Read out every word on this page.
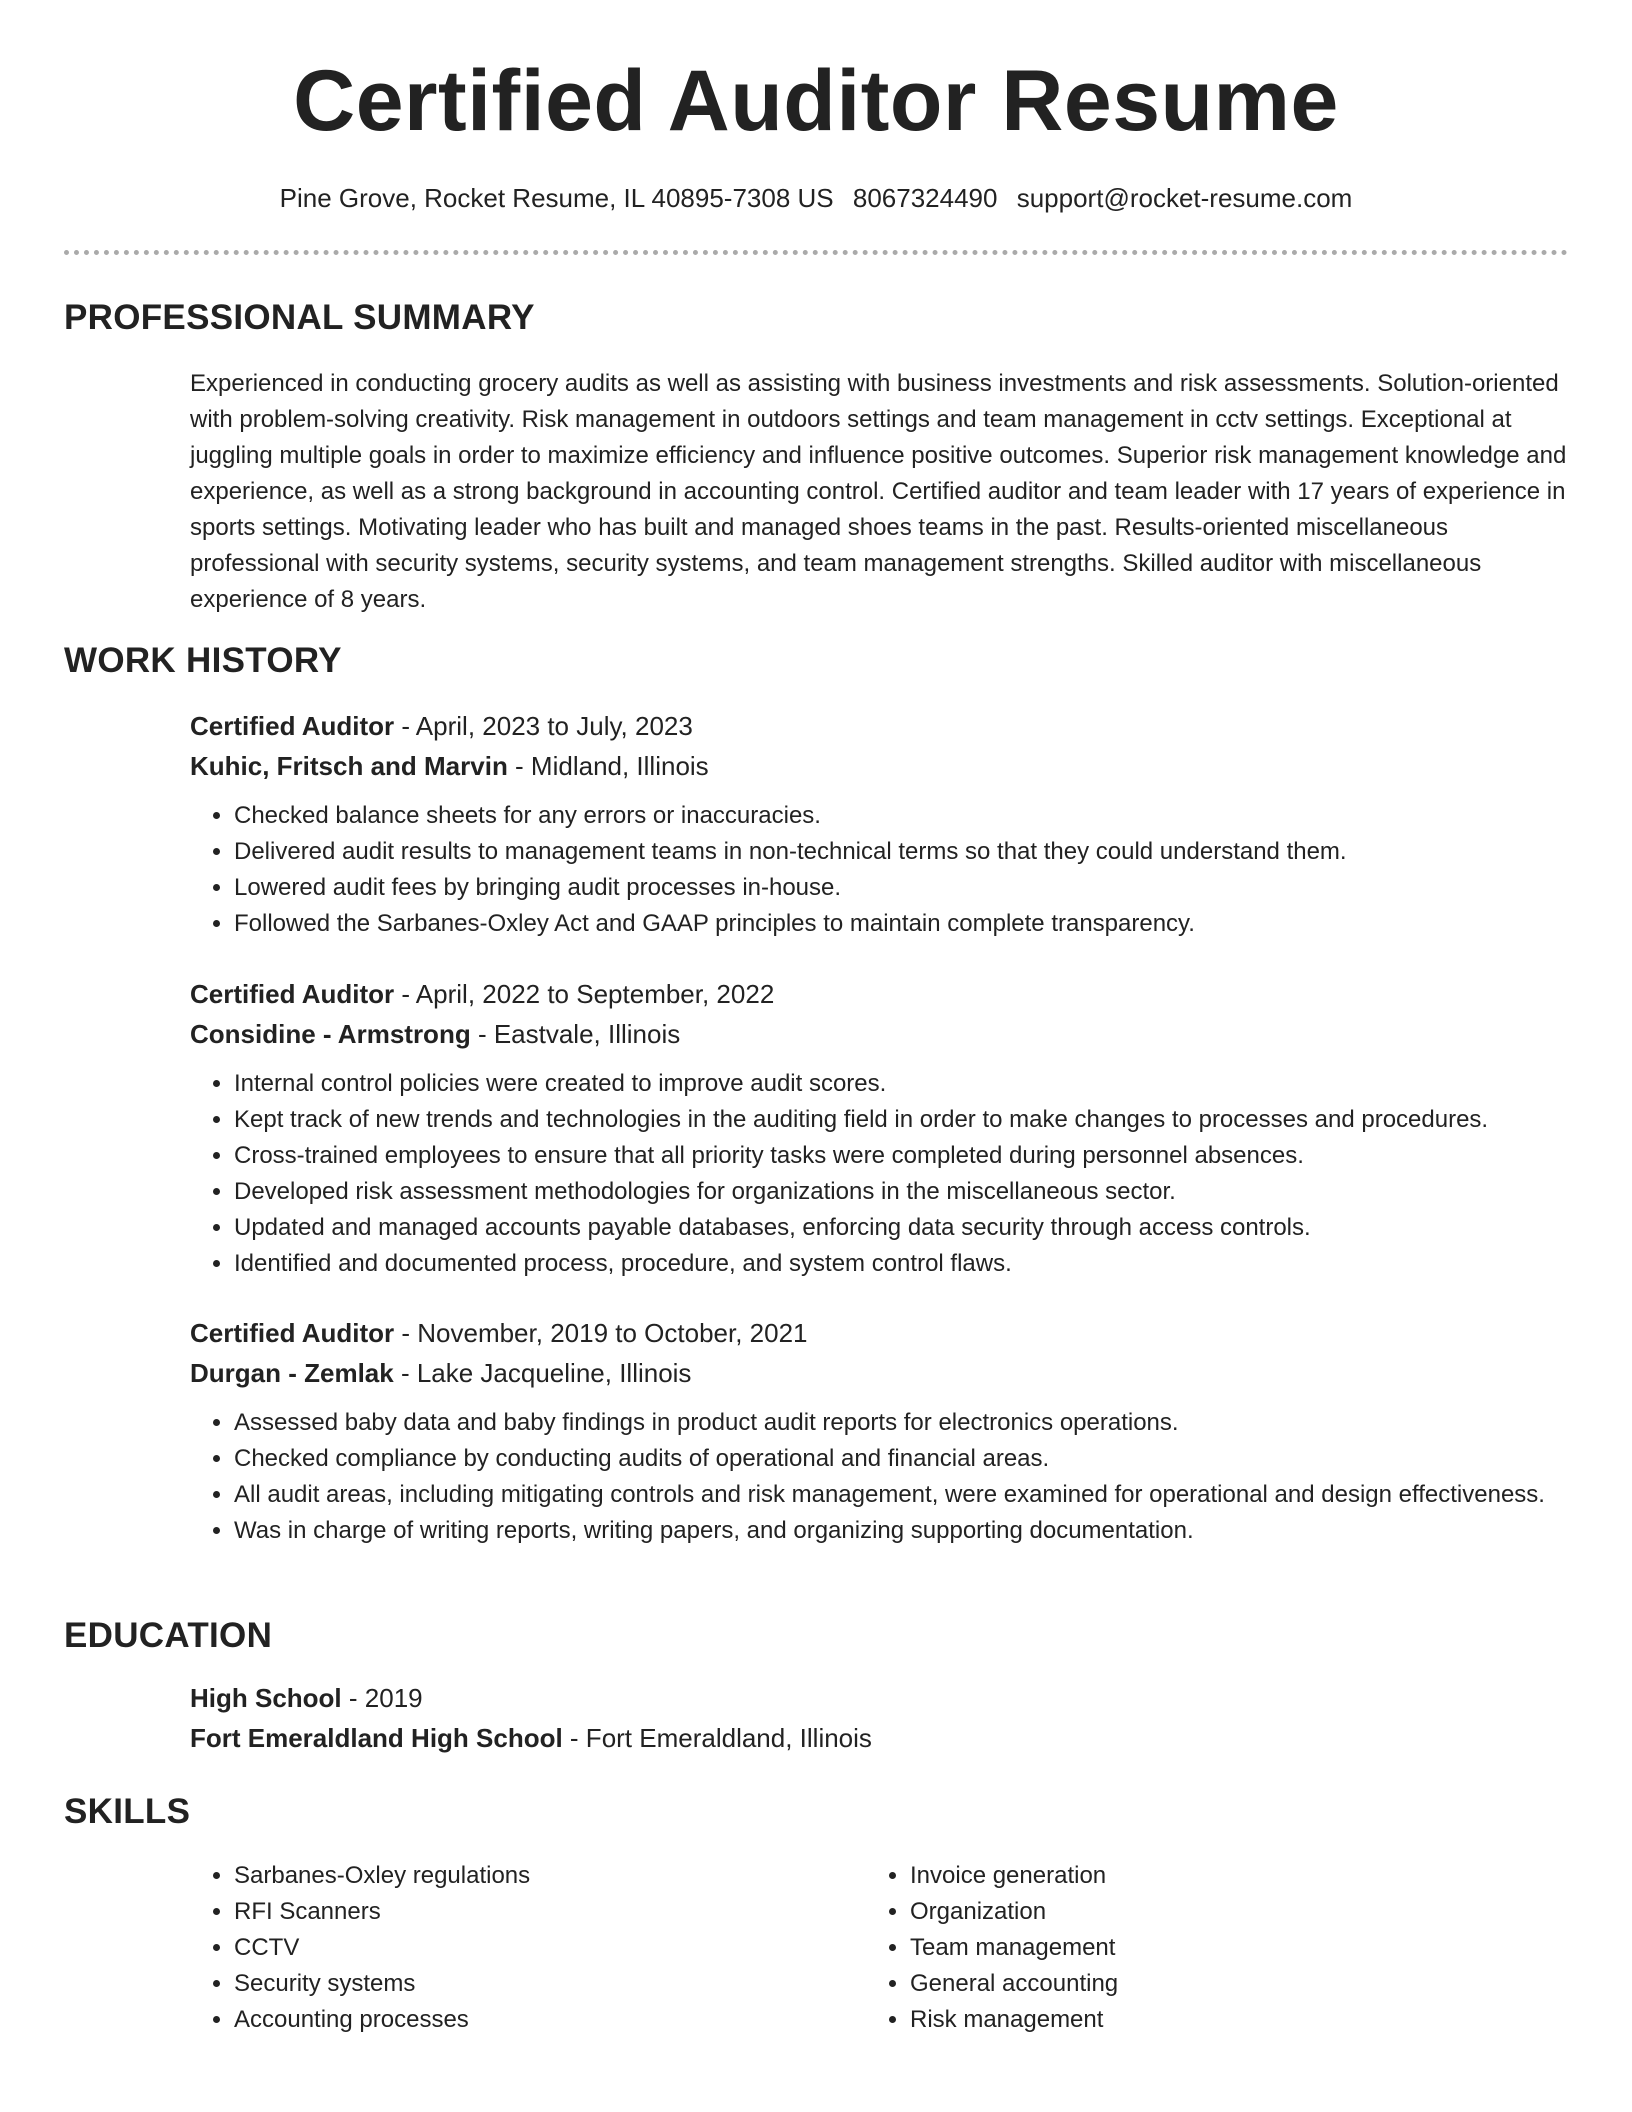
Certified Auditor Resume
Pine Grove, Rocket Resume, IL 40895-7308 US 8067324490 support@rocket-resume.com
PROFESSIONAL SUMMARY
Experienced in conducting grocery audits as well as assisting with business investments and risk assessments. Solution-oriented with problem-solving creativity. Risk management in outdoors settings and team management in cctv settings. Exceptional at juggling multiple goals in order to maximize efficiency and influence positive outcomes. Superior risk management knowledge and experience, as well as a strong background in accounting control. Certified auditor and team leader with 17 years of experience in sports settings. Motivating leader who has built and managed shoes teams in the past. Results-oriented miscellaneous professional with security systems, security systems, and team management strengths. Skilled auditor with miscellaneous experience of 8 years.
WORK HISTORY
Certified Auditor - April, 2023 to July, 2023
Kuhic, Fritsch and Marvin - Midland, Illinois
• Checked balance sheets for any errors or inaccuracies.
• Delivered audit results to management teams in non-technical terms so that they could understand them.
• Lowered audit fees by bringing audit processes in-house.
• Followed the Sarbanes-Oxley Act and GAAP principles to maintain complete transparency.
Certified Auditor - April, 2022 to September, 2022
Considine - Armstrong - Eastvale, Illinois
• Internal control policies were created to improve audit scores.
• Kept track of new trends and technologies in the auditing field in order to make changes to processes and procedures.
• Cross-trained employees to ensure that all priority tasks were completed during personnel absences.
• Developed risk assessment methodologies for organizations in the miscellaneous sector.
• Updated and managed accounts payable databases, enforcing data security through access controls.
• Identified and documented process, procedure, and system control flaws.
Certified Auditor - November, 2019 to October, 2021
Durgan - Zemlak - Lake Jacqueline, Illinois
• Assessed baby data and baby findings in product audit reports for electronics operations.
• Checked compliance by conducting audits of operational and financial areas.
• All audit areas, including mitigating controls and risk management, were examined for operational and design effectiveness.
• Was in charge of writing reports, writing papers, and organizing supporting documentation.
EDUCATION
High School - 2019
Fort Emeraldland High School - Fort Emeraldland, Illinois
SKILLS
• Sarbanes-Oxley regulations
• RFI Scanners
• CCTV
• Security systems
• Accounting processes
• Invoice generation
• Organization
• Team management
• General accounting
• Risk management
